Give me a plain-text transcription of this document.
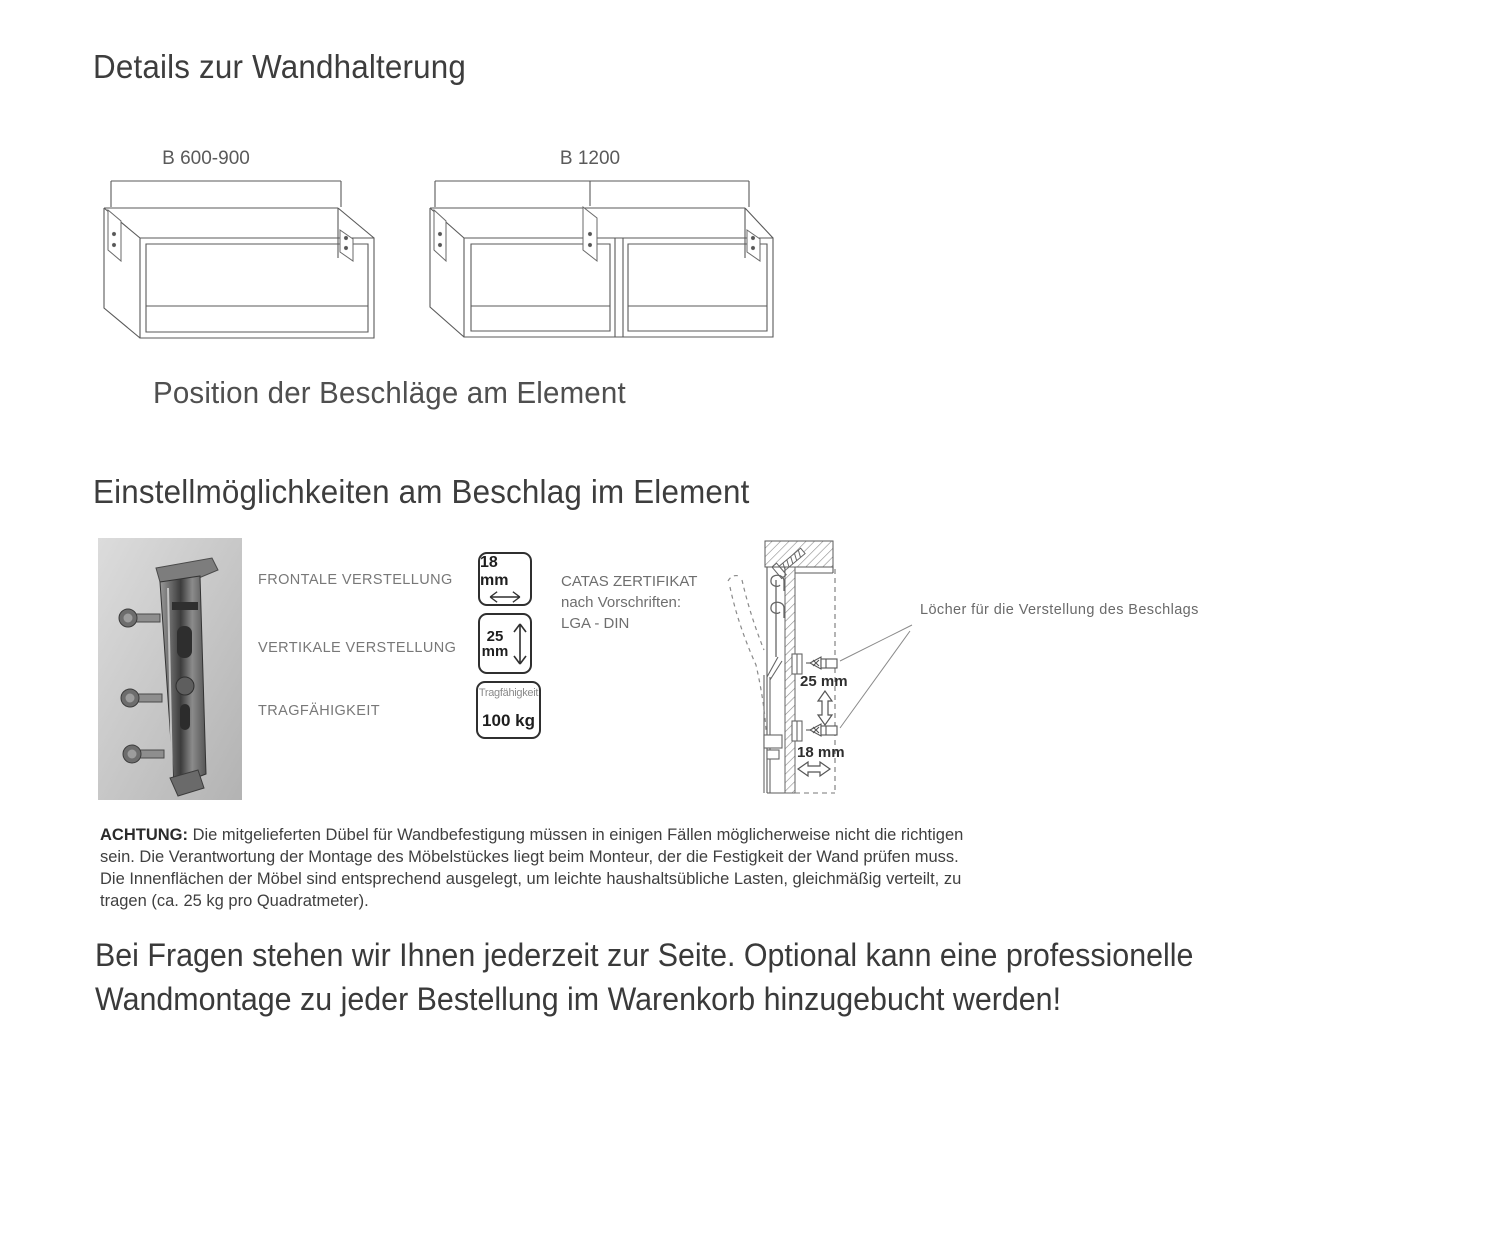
Details zur Wandhalterung
B 600-900	B 1200
Position der Beschläge am Element
Einstellmöglichkeiten am Beschlag im Element
FRONTALE VERSTELLUNG
VERTIKALE VERSTELLUNG
TRAGFÄHIGKEIT
18 mm
25
mm
Tragfähigkeit
100 kg
CATAS ZERTIFIKAT
nach Vorschriften:
LGA - DIN
25 mm
18 mm
Löcher für die Verstellung des Beschlags
ACHTUNG: Die mitgelieferten Dübel für Wandbefestigung müssen in einigen Fällen möglicherweise nicht die richtigen
sein. Die Verantwortung der Montage des Möbelstückes liegt beim Monteur, der die Festigkeit der Wand prüfen muss.
Die Innenflächen der Möbel sind entsprechend ausgelegt, um leichte haushaltsübliche Lasten, gleichmäßig verteilt, zu
tragen (ca. 25 kg pro Quadratmeter).
Bei Fragen stehen wir Ihnen jederzeit zur Seite. Optional kann eine professionelle
Wandmontage zu jeder Bestellung im Warenkorb hinzugebucht werden!
